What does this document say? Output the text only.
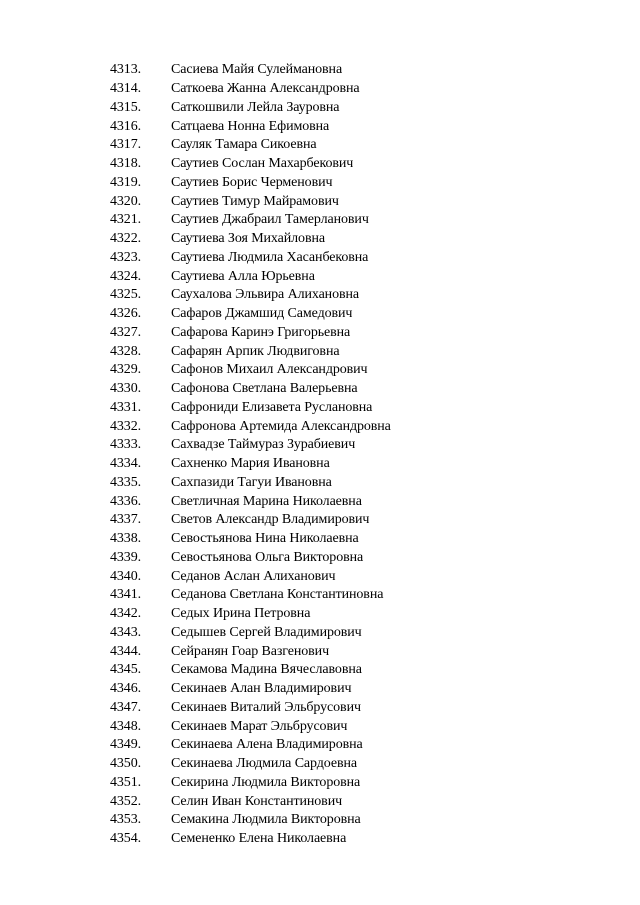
4313.	Сасиева Майя Сулеймановна
4314.	Саткоева Жанна Александровна
4315.	Саткошвили Лейла Зауровна
4316.	Сатцаева Нонна Ефимовна
4317.	Сауляк Тамара Сикоевна
4318.	Саутиев Сослан Махарбекович
4319.	Саутиев Борис Черменович
4320.	Саутиев Тимур Майрамович
4321.	Саутиев Джабраил Тамерланович
4322.	Саутиева Зоя Михайловна
4323.	Саутиева Людмила Хасанбековна
4324.	Саутиева Алла Юрьевна
4325.	Саухалова Эльвира Алихановна
4326.	Сафаров Джамшид Самедович
4327.	Сафарова Каринэ Григорьевна
4328.	Сафарян Арпик Людвиговна
4329.	Сафонов Михаил Александрович
4330.	Сафонова Светлана Валерьевна
4331.	Сафрониди Елизавета Руслановна
4332.	Сафронова Артемида Александровна
4333.	Сахвадзе Таймураз Зурабиевич
4334.	Сахненко Мария Ивановна
4335.	Сахпазиди Тагуи Ивановна
4336.	Светличная Марина Николаевна
4337.	Светов Александр Владимирович
4338.	Севостьянова Нина Николаевна
4339.	Севостьянова Ольга Викторовна
4340.	Седанов Аслан Алиханович
4341.	Седанова Светлана Константиновна
4342.	Седых Ирина Петровна
4343.	Седышев Сергей Владимирович
4344.	Сейранян Гоар Вазгенович
4345.	Секамова Мадина Вячеславовна
4346.	Секинаев Алан Владимирович
4347.	Секинаев Виталий Эльбрусович
4348.	Секинаев Марат Эльбрусович
4349.	Секинаева Алена Владимировна
4350.	Секинаева Людмила Сардоевна
4351.	Секирина Людмила Викторовна
4352.	Селин Иван Константинович
4353.	Семакина Людмила Викторовна
4354.	Семененко Елена Николаевна
